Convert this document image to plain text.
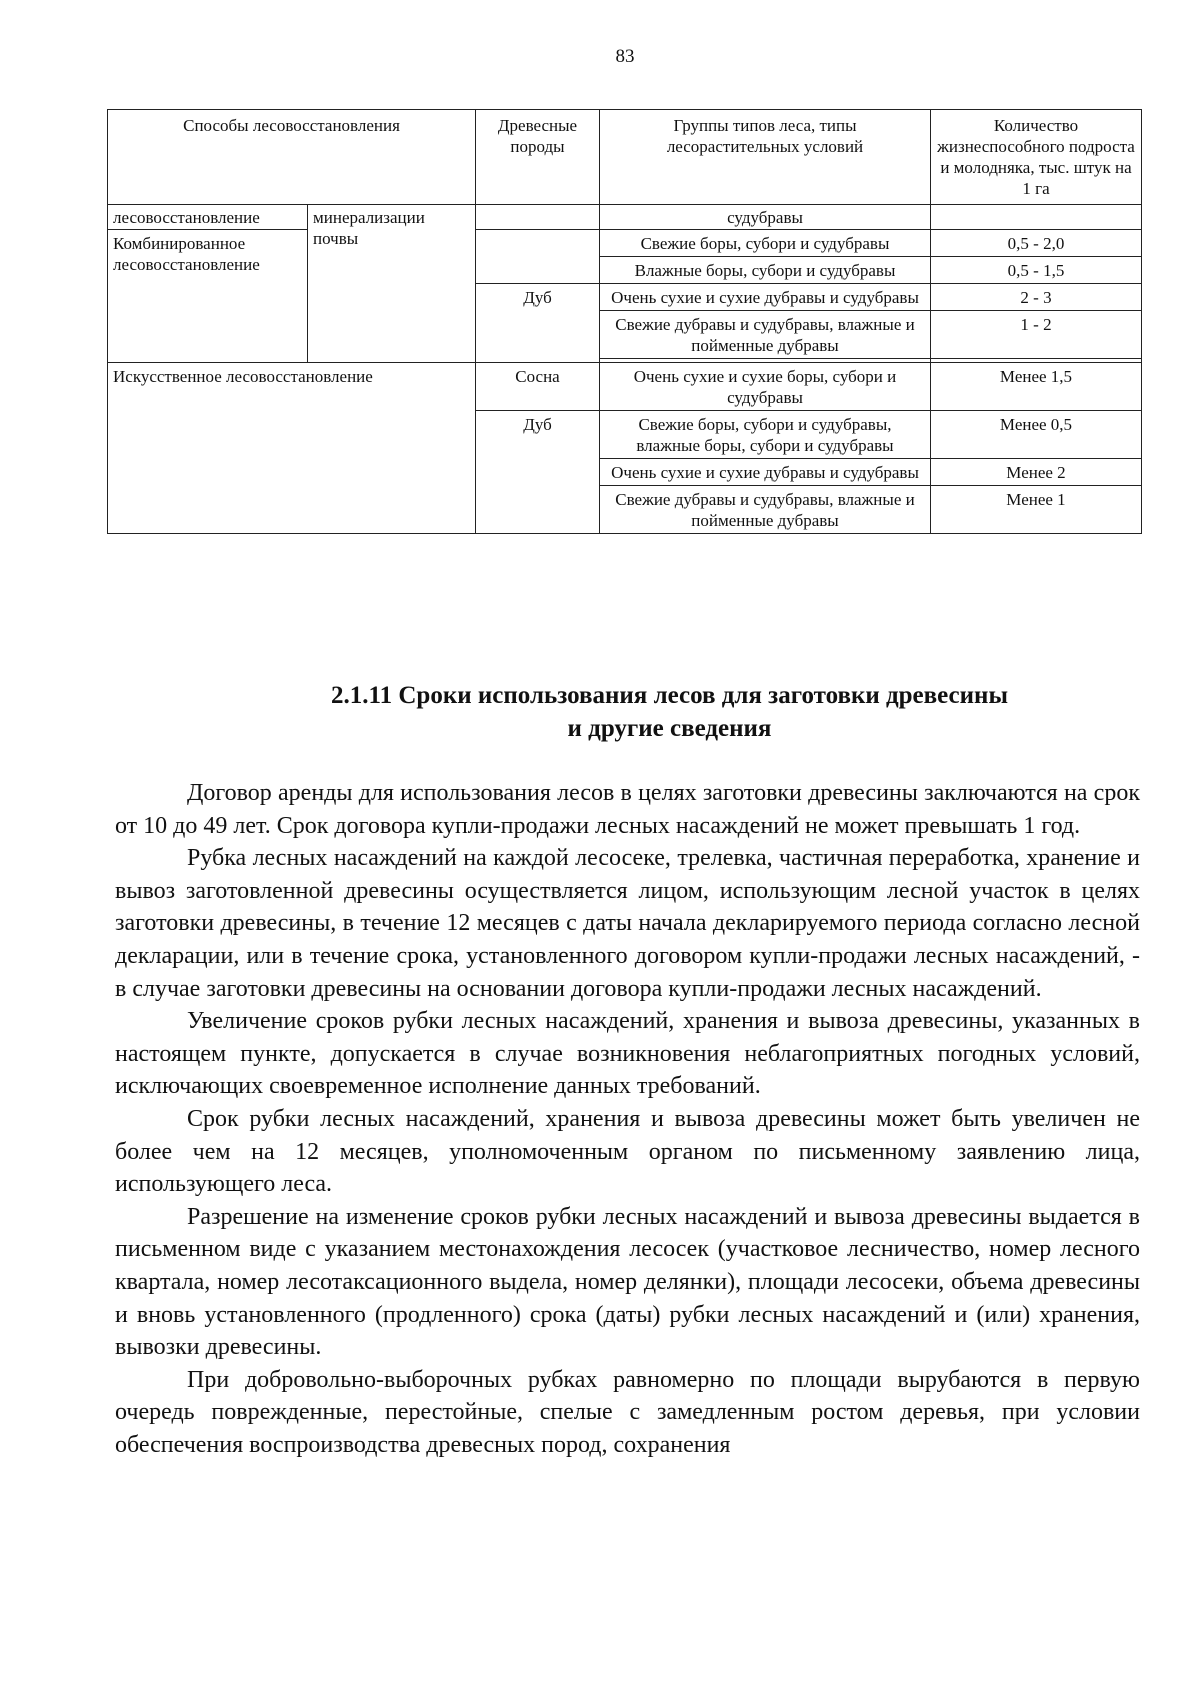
83
Способы лесовосстановления		Древесные породы	Группы типов леса, типы лесорастительных условий	Количество жизнеспособного подроста и молодняка, тыс. штук на 1 га
лесовосстановление	минерализации почвы		судубравы	
Комбинированное лесовосстановление			Свежие боры, субори и судубравы	0,5 - 2,0
			Влажные боры, субори и судубравы	0,5 - 1,5
		Дуб	Очень сухие и сухие дубравы и судубравы	2 - 3
			Свежие дубравы и судубравы, влажные и пойменные дубравы	1 - 2

Искусственное лесовосстановление		Сосна	Очень сухие и сухие боры, субори и судубравы	Менее 1,5
		Дуб	Свежие боры, субори и судубравы, влажные боры, субори и судубравы	Менее 0,5
			Очень сухие и сухие дубравы и судубравы	Менее 2
			Свежие дубравы и судубравы, влажные и пойменные дубравы	Менее 1
2.1.11 Сроки использования лесов для заготовки древесины
и другие сведения

Договор аренды для использования лесов в целях заготовки древесины заключаются на срок от 10 до 49 лет. Срок договора купли-продажи лесных насаждений не может превышать 1 год.

Рубка лесных насаждений на каждой лесосеке, трелевка, частичная переработка, хранение и вывоз заготовленной древесины осуществляется лицом, использующим лесной участок в целях заготовки древесины, в течение 12 месяцев с даты начала декларируемого периода согласно лесной декларации, или в течение срока, установленного договором купли-продажи лесных насаждений, - в случае заготовки древесины на основании договора купли-продажи лесных насаждений.

Увеличение сроков рубки лесных насаждений, хранения и вывоза древесины, указанных в настоящем пункте, допускается в случае возникновения неблагоприятных погодных условий, исключающих своевременное исполнение данных требований.

Срок рубки лесных насаждений, хранения и вывоза древесины может быть увеличен не более чем на 12 месяцев, уполномоченным органом по письменному заявлению лица, использующего леса.

Разрешение на изменение сроков рубки лесных насаждений и вывоза древесины выдается в письменном виде с указанием местонахождения лесосек (участковое лесничество, номер лесного квартала, номер лесотаксационного выдела, номер делянки), площади лесосеки, объема древесины и вновь установленного (продленного) срока (даты) рубки лесных насаждений и (или) хранения, вывозки древесины.

При добровольно-выборочных рубках равномерно по площади вырубаются в первую очередь поврежденные, перестойные, спелые с замедленным ростом деревья, при условии обеспечения воспроизводства древесных пород, сохранения
